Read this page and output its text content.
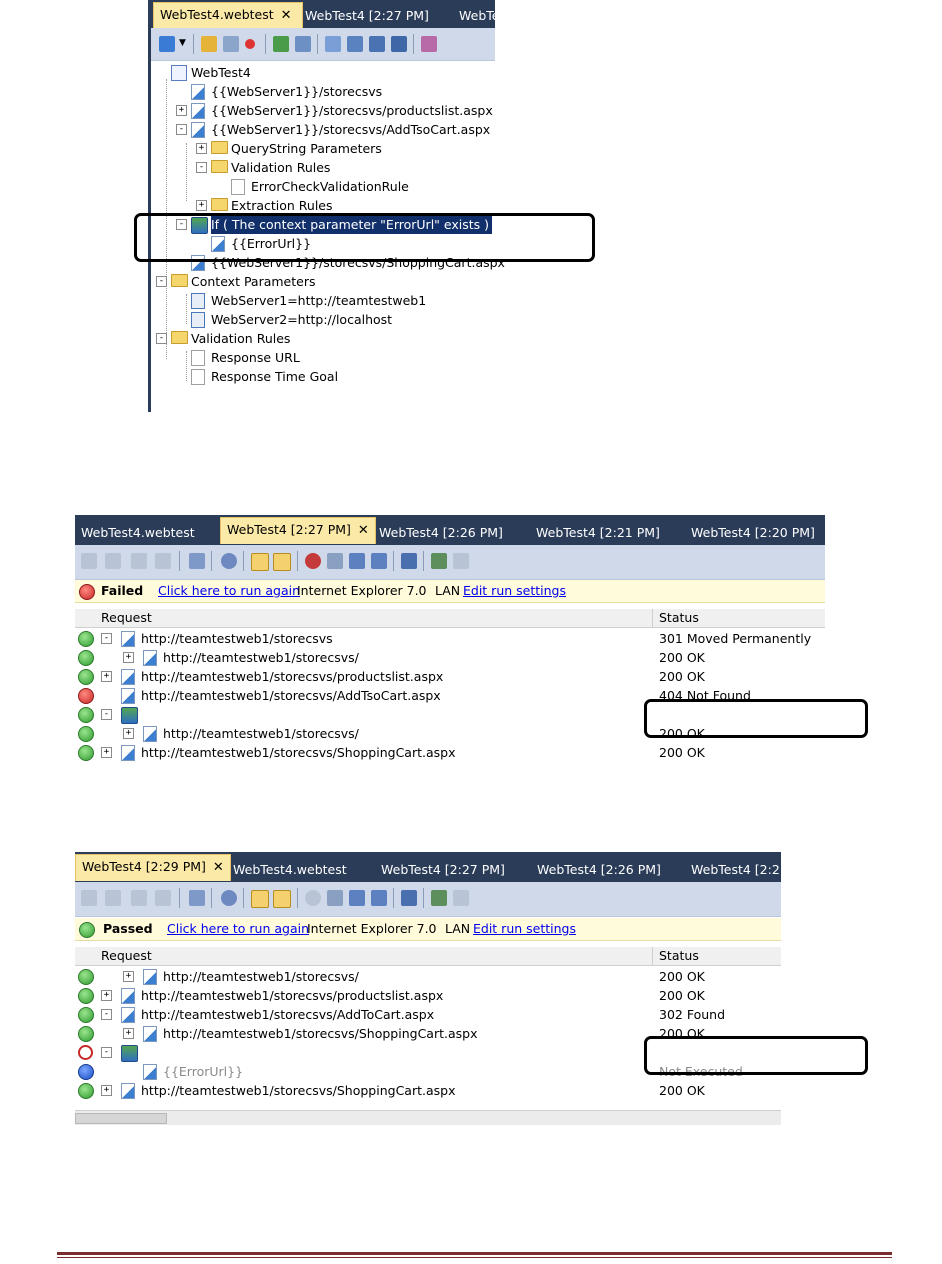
WebTest4.webtest ✕	WebTest4 [2:27 PM]	WebTe
▼
WebTest4
{{WebServer1}}/storecsvs
+ {{WebServer1}}/storecsvs/productslist.aspx
- {{WebServer1}}/storecsvs/AddTsoCart.aspx
+ QueryString Parameters
- Validation Rules
ErrorCheckValidationRule
+ Extraction Rules
- If ( The context parameter "ErrorUrl" exists )
{{ErrorUrl}}
{{WebServer1}}/storecsvs/ShoppingCart.aspx
- Context Parameters
WebServer1=http://teamtestweb1
WebServer2=http://localhost
- Validation Rules
Response URL
Response Time Goal
WebTest4.webtest	WebTest4 [2:27 PM] ✕ WebTest4 [2:26 PM]	WebTest4 [2:21 PM]	WebTest4 [2:20 PM]
Failed Click here to run again
Internet Explorer 7.0 LAN Edit run settings
Request	Status
-	http://teamtestweb1/storecsvs	301 Moved Permanently
+	http://teamtestweb1/storecsvs/	200 OK
+	http://teamtestweb1/storecsvs/productslist.aspx	200 OK
http://teamtestweb1/storecsvs/AddTsoCart.aspx	404 Not Found
-	If ( The context parameter "ErrorUrl" exists )	Condition Met
+	http://teamtestweb1/storecsvs/	200 OK
+	http://teamtestweb1/storecsvs/ShoppingCart.aspx	200 OK
WebTest4 [2:29 PM] ✕ WebTest4.webtest	WebTest4 [2:27 PM]	WebTest4 [2:26 PM]	WebTest4 [2:2
Passed Click here to run again
Internet Explorer 7.0 LAN Edit run settings
Request	Status
+	http://teamtestweb1/storecsvs/	200 OK
+	http://teamtestweb1/storecsvs/productslist.aspx	200 OK
-	http://teamtestweb1/storecsvs/AddToCart.aspx	302 Found
+	http://teamtestweb1/storecsvs/ShoppingCart.aspx	200 OK
-	If ( The context parameter "ErrorUrl" exists )	Condition Not Met
{{ErrorUrl}}	Not Executed
+	http://teamtestweb1/storecsvs/ShoppingCart.aspx	200 OK
